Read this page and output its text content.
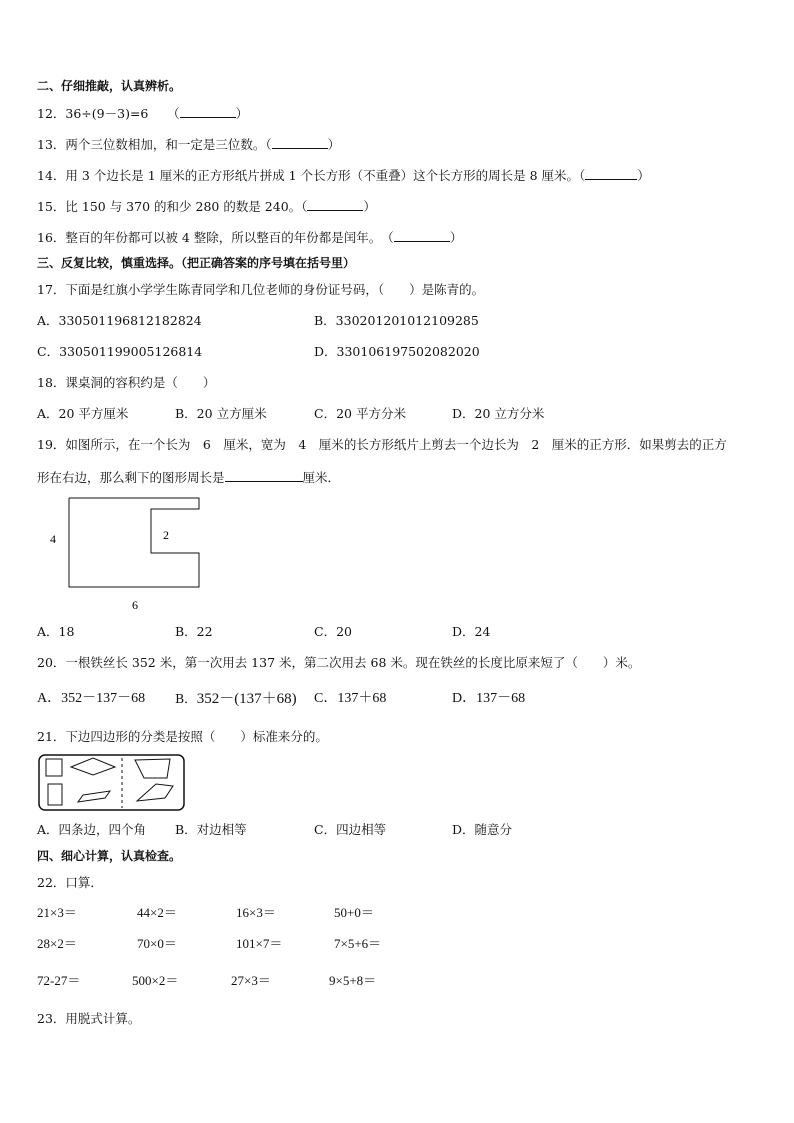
二、仔细推敲，认真辨析。
12．36÷(9－3)=6　　（	）
13．两个三位数相加，和一定是三位数。（	）
14．用 3 个边长是 1 厘米的正方形纸片拼成 1 个长方形（不重叠）这个长方形的周长是 8 厘米。（	）
15．比 150 与 370 的和少 280 的数是 240。（	）
16．整百的年份都可以被 4 整除，所以整百的年份都是闰年。　（	）
三、反复比较，慎重选择。（把正确答案的序号填在括号里）
17．下面是红旗小学学生陈青同学和几位老师的身份证号码，（　　）是陈青的。
A．330501196812182824	B．330201201012109285
C．330501199005126814	D．330106197502082020
18．课桌洞的容积约是（　　）
A．20 平方厘米	B．20 立方厘米	C．20 平方分米	D．20 立方分米
19．如图所示，在一个长为　6　厘米，宽为　4　厘米的长方形纸片上剪去一个边长为　2　厘米的正方形．如果剪去的正方
形在右边，那么剩下的图形周长是	厘米．
4	2
6
A．18	B．22	C．20	D．24
20．一根铁丝长 352 米，第一次用去 137 米，第二次用去 68 米。现在铁丝的长度比原来短了（　　）米。
A．352－137－68 B．352－(137＋68) C．137＋68	D．137－68
21．下边四边形的分类是按照（　　）标准来分的。
A．四条边，四个角 B．对边相等	C．四边相等	D．随意分
四、细心计算，认真检查。
22．口算．
21×3＝	44×2＝	16×3＝	50+0＝
28×2＝	70×0＝	101×7＝	7×5+6＝
72-27＝	500×2＝	27×3＝	9×5+8＝
23．用脱式计算。
